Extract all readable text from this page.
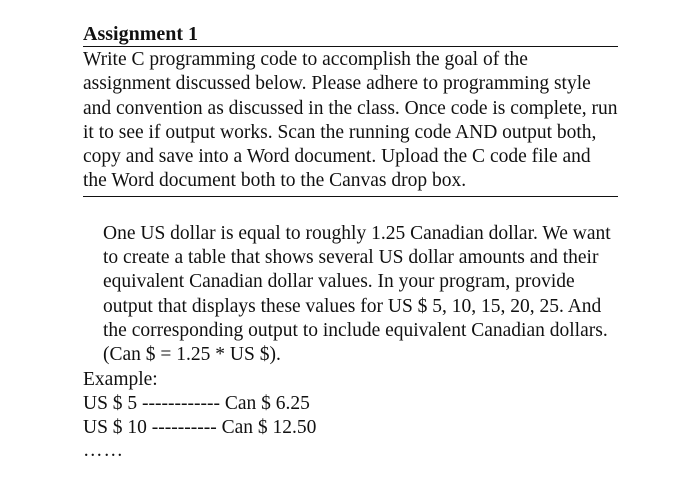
Assignment 1
Write C programming code to accomplish the goal of the assignment discussed below. Please adhere to programming style and convention as discussed in the class. Once code is complete, run it to see if output works. Scan the running code AND output both, copy and save into a Word document. Upload the C code file and the Word document both to the Canvas drop box.
One US dollar is equal to roughly 1.25 Canadian dollar. We want to create a table that shows several US dollar amounts and their equivalent Canadian dollar values. In your program, provide output that displays these values for US $ 5, 10, 15, 20, 25. And the corresponding output to include equivalent Canadian dollars. (Can $ = 1.25 * US $).
Example:
US $ 5 ------------ Can $ 6.25
US $ 10 ---------- Can $ 12.50
……
